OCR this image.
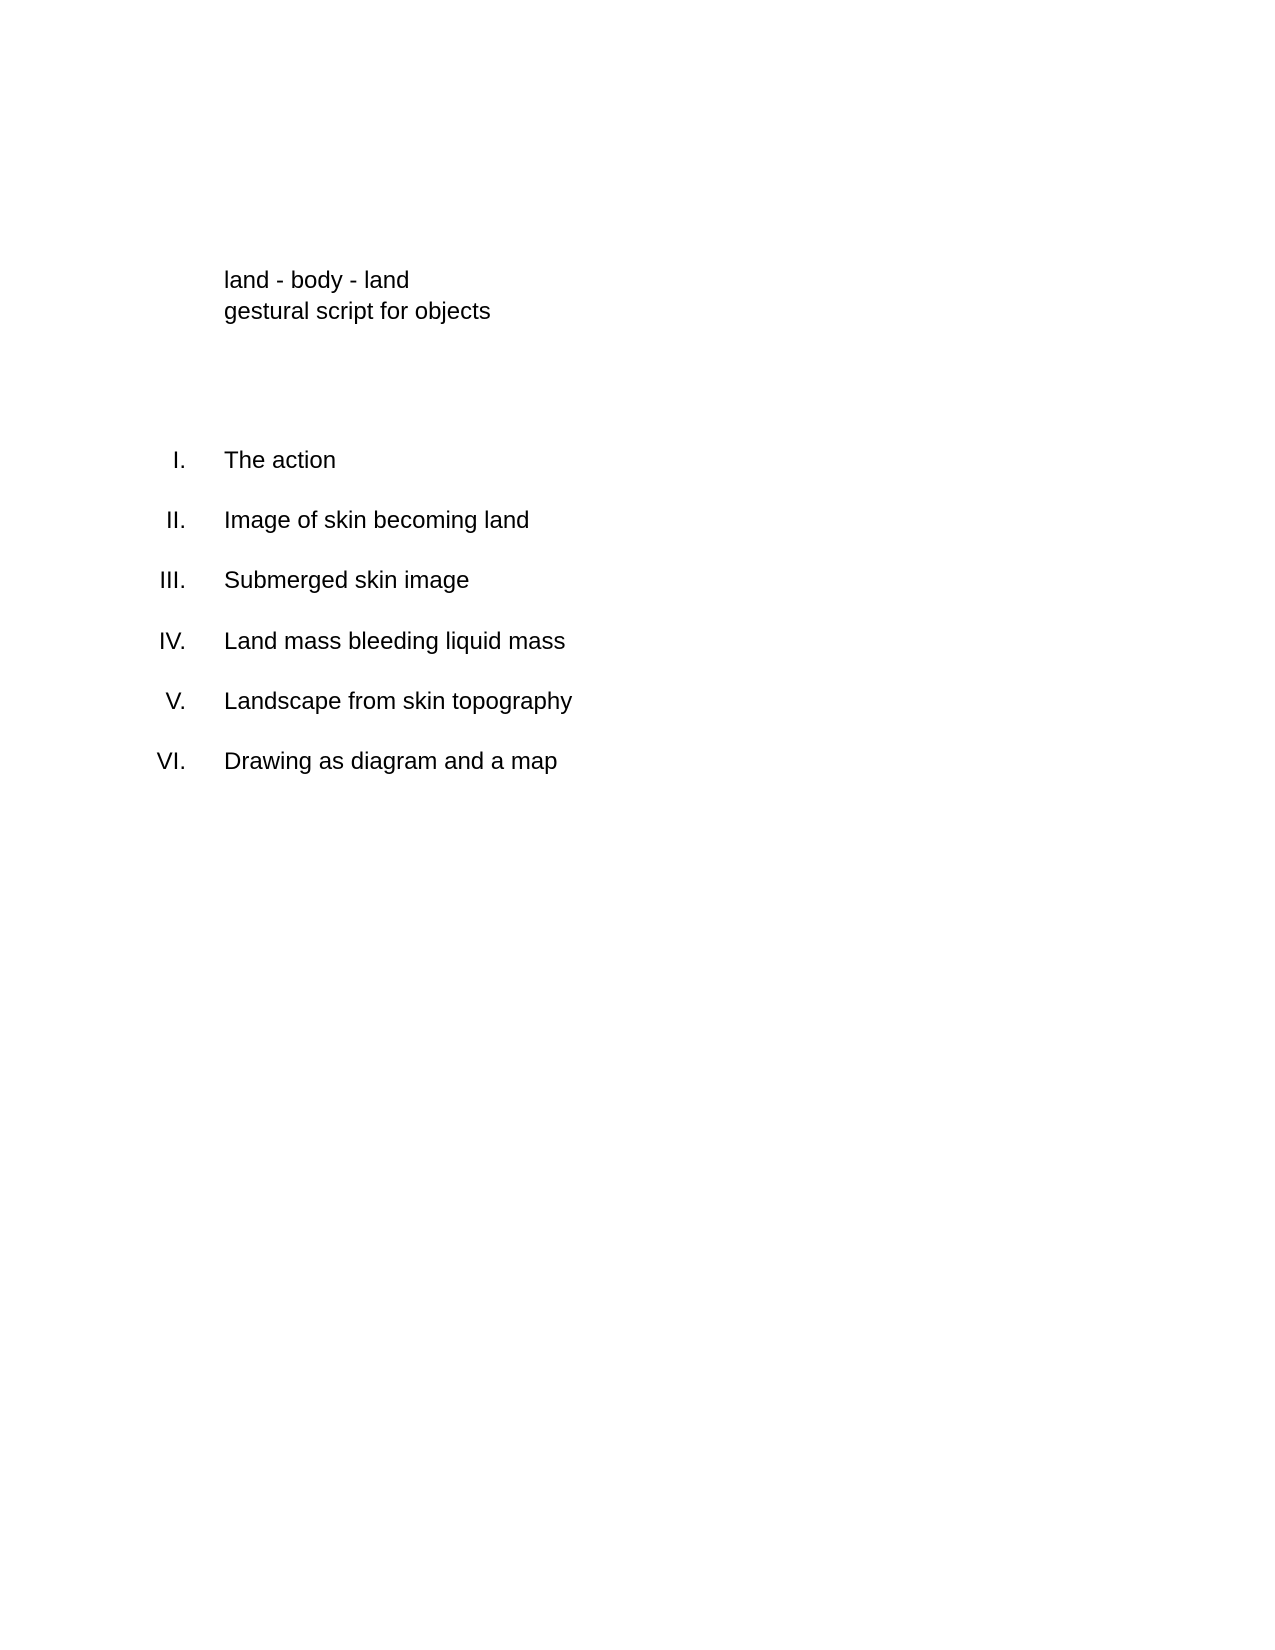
land - body - land
gestural script for objects
I. The action
II. Image of skin becoming land
III. Submerged skin image
IV. Land mass bleeding liquid mass
V. Landscape from skin topography
VI. Drawing as diagram and a map
